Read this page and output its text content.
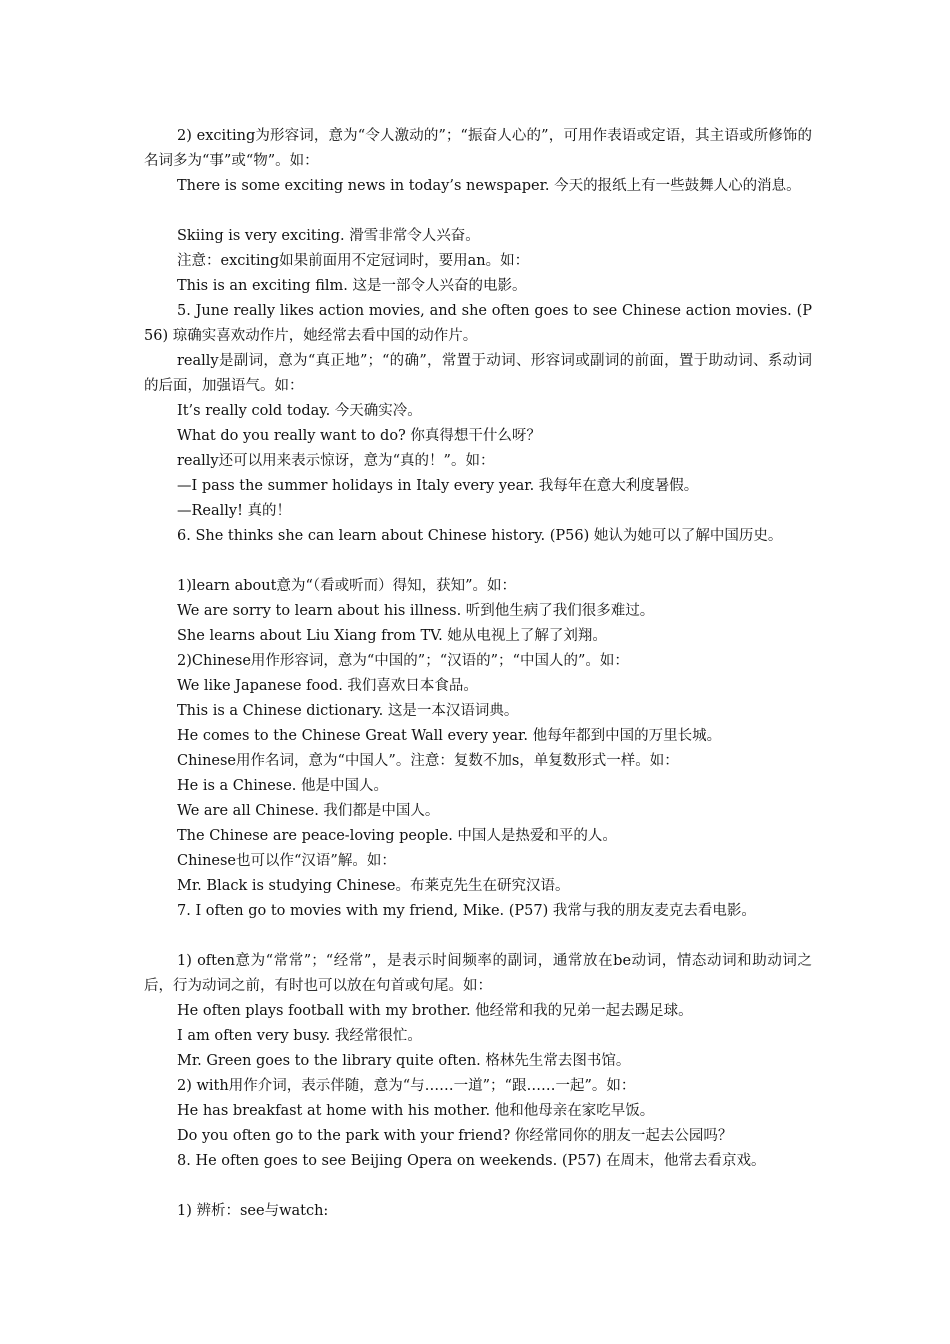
2) exciting为形容词，意为“令人激动的”；“振奋人心的”，可用作表语或定语，其主语或所修饰的名词多为“事”或“物”。如：

There is some exciting news in today’s newspaper. 今天的报纸上有一些鼓舞人心的消息。

Skiing is very exciting. 滑雪非常令人兴奋。

注意：exciting如果前面用不定冠词时，要用an。如：

This is an exciting film. 这是一部令人兴奋的电影。

5. June really likes action movies, and she often goes to see Chinese action movies. (P56) 琼确实喜欢动作片，她经常去看中国的动作片。

really是副词，意为“真正地”；“的确”，常置于动词、形容词或副词的前面，置于助动词、系动词的后面，加强语气。如：

It’s really cold today. 今天确实冷。

What do you really want to do? 你真得想干什么呀？

really还可以用来表示惊讶，意为“真的！”。如：

—I pass the summer holidays in Italy every year. 我每年在意大利度暑假。

—Really! 真的！

6. She thinks she can learn about Chinese history. (P56) 她认为她可以了解中国历史。

1)learn about意为“（看或听而）得知，获知”。如：

We are sorry to learn about his illness. 听到他生病了我们很多难过。

She learns about Liu Xiang from TV. 她从电视上了解了刘翔。

2)Chinese用作形容词，意为“中国的”；“汉语的”；“中国人的”。如：

We like Japanese food. 我们喜欢日本食品。

This is a Chinese dictionary. 这是一本汉语词典。

He comes to the Chinese Great Wall every year. 他每年都到中国的万里长城。

Chinese用作名词，意为“中国人”。注意：复数不加s，单复数形式一样。如：

He is a Chinese. 他是中国人。

We are all Chinese. 我们都是中国人。

The Chinese are peace-loving people. 中国人是热爱和平的人。

Chinese也可以作“汉语”解。如：

Mr. Black is studying Chinese。布莱克先生在研究汉语。

7. I often go to movies with my friend, Mike. (P57) 我常与我的朋友麦克去看电影。

1) often意为“常常”；“经常”，是表示时间频率的副词，通常放在be动词，情态动词和助动词之后，行为动词之前，有时也可以放在句首或句尾。如：

He often plays football with my brother. 他经常和我的兄弟一起去踢足球。

I am often very busy. 我经常很忙。

Mr. Green goes to the library quite often. 格林先生常去图书馆。

2) with用作介词，表示伴随，意为“与……一道”；“跟……一起”。如：

He has breakfast at home with his mother. 他和他母亲在家吃早饭。

Do you often go to the park with your friend? 你经常同你的朋友一起去公园吗？

8. He often goes to see Beijing Opera on weekends. (P57) 在周末，他常去看京戏。

1) 辨析：see与watch:
